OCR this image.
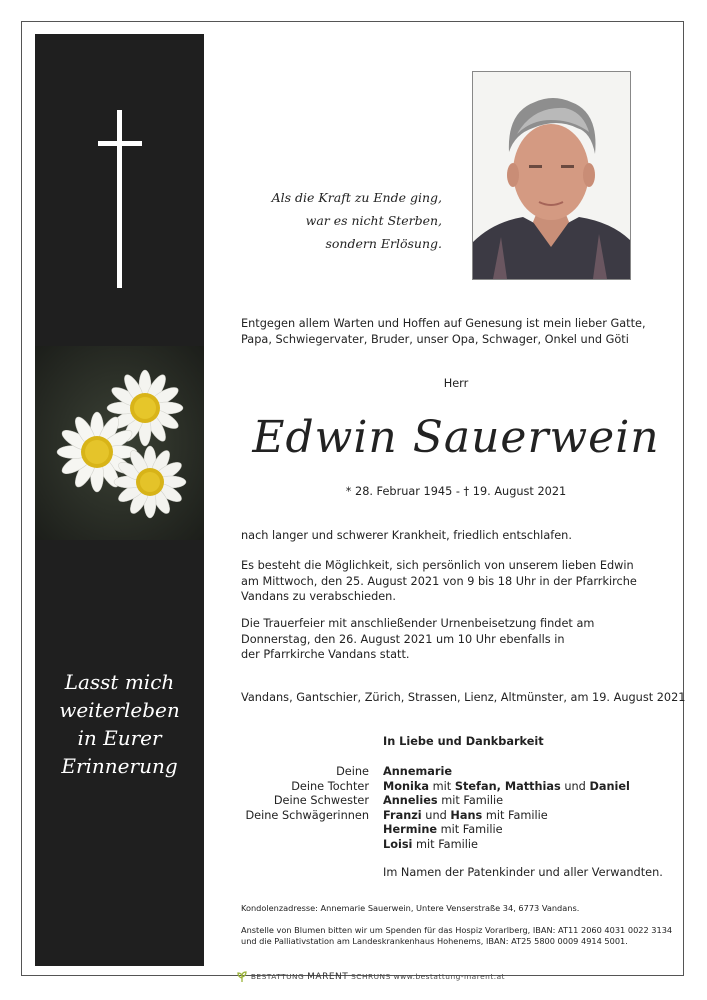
Lasst mich
weiterleben
in Eurer
Erinnerung
Als die Kraft zu Ende ging,
war es nicht Sterben,
sondern Erlösung.
Entgegen allem Warten und Hoffen auf Genesung ist mein lieber Gatte,
Papa, Schwiegervater, Bruder, unser Opa, Schwager, Onkel und Göti
Herr
Edwin Sauerwein
* 28. Februar 1945 - † 19. August 2021
nach langer und schwerer Krankheit, friedlich entschlafen.
Es besteht die Möglichkeit, sich persönlich von unserem lieben Edwin
am Mittwoch, den 25. August 2021 von 9 bis 18 Uhr in der Pfarrkirche
Vandans zu verabschieden.
Die Trauerfeier mit anschließender Urnenbeisetzung findet am
Donnerstag, den 26. August 2021 um 10 Uhr ebenfalls in
der Pfarrkirche Vandans statt.
Vandans, Gantschier, Zürich, Strassen, Lienz, Altmünster, am 19. August 2021
In Liebe und Dankbarkeit
Deine Annemarie
Deine Tochter Monika mit Stefan, Matthias und Daniel
Deine Schwester Annelies mit Familie
Deine Schwägerinnen Franzi und Hans mit Familie
Hermine mit Familie
Loisi mit Familie
Im Namen der Patenkinder und aller Verwandten.
Kondolenzadresse: Annemarie Sauerwein, Untere Venserstraße 34, 6773 Vandans.
Anstelle von Blumen bitten wir um Spenden für das Hospiz Vorarlberg, IBAN: AT11 2060 4031 0022 3134
und die Palliativstation am Landeskrankenhaus Hohenems, IBAN: AT25 5800 0009 4914 5001.
BESTATTUNG MARENT SCHRUNS www.bestattung-marent.at
